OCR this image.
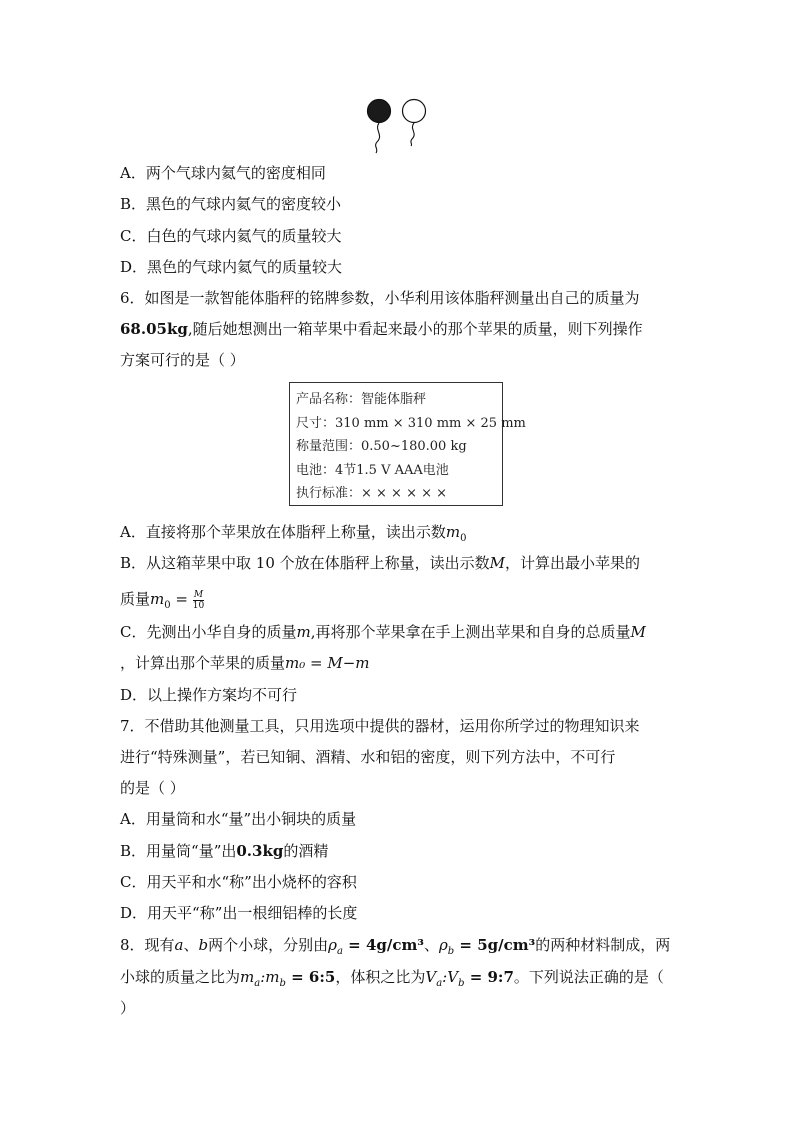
A．两个气球内氦气的密度相同
B．黑色的气球内氦气的密度较小
C．白色的气球内氦气的质量较大
D．黑色的气球内氦气的质量较大
6．如图是一款智能体脂秤的铭牌参数，小华利用该体脂秤测量出自己的质量为
68.05kg,随后她想测出一箱苹果中看起来最小的那个苹果的质量，则下列操作
方案可行的是（ ）
产品名称：智能体脂秤
尺寸：310 mm × 310 mm × 25 mm
称量范围：0.50~180.00 kg
电池：4节1.5 V AAA电池
执行标准：× × × × × ×
A．直接将那个苹果放在体脂秤上称量，读出示数$m_0$
B．从这箱苹果中取 10 个放在体脂秤上称量，读出示数M，计算出最小苹果的
质量$m_0 = \frac{M}{10}$
C．先测出小华自身的质量m,再将那个苹果拿在手上测出苹果和自身的总质量M
，计算出那个苹果的质量m₀ = M−m
D．以上操作方案均不可行
7．不借助其他测量工具，只用选项中提供的器材，运用你所学过的物理知识来
进行“特殊测量”，若已知铜、酒精、水和铝的密度，则下列方法中，不可行
的是（ ）
A．用量筒和水“量”出小铜块的质量
B．用量筒“量”出0.3kg的酒精
C．用天平和水“称”出小烧杯的容积
D．用天平“称”出一根细铝棒的长度
8．现有a、b两个小球，分别由$\rho_a = 4g/cm^3$、$\rho_b = 5g/cm^3$的两种材料制成，两
小球的质量之比为$m_a:m_b$ = 6:5，体积之比为$V_a:V_b$ = 9:7。下列说法正确的是（
）
